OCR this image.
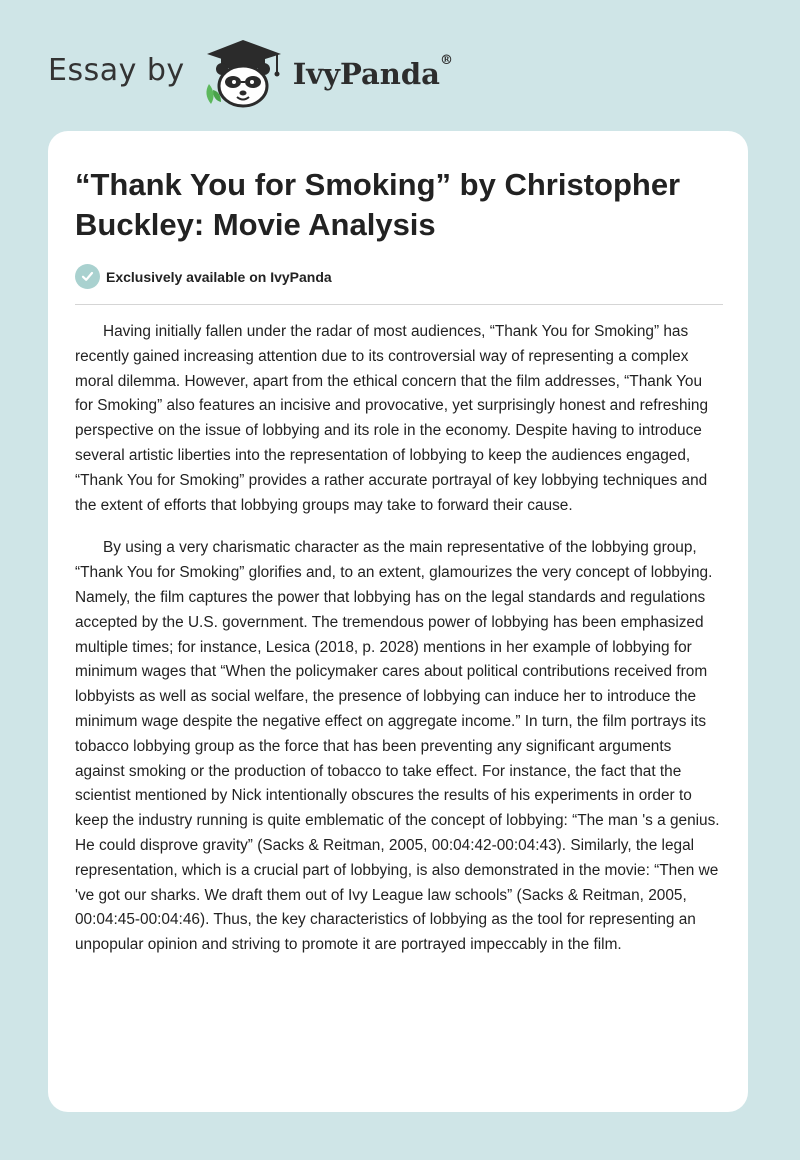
Essay by	IvyPanda®
“Thank You for Smoking” by Christopher Buckley: Movie Analysis
Exclusively available on IvyPanda

Having initially fallen under the radar of most audiences, “Thank You for Smoking” has recently gained increasing attention due to its controversial way of representing a complex moral dilemma. However, apart from the ethical concern that the film addresses, “Thank You for Smoking” also features an incisive and provocative, yet surprisingly honest and refreshing perspective on the issue of lobbying and its role in the economy. Despite having to introduce several artistic liberties into the representation of lobbying to keep the audiences engaged, “Thank You for Smoking” provides a rather accurate portrayal of key lobbying techniques and the extent of efforts that lobbying groups may take to forward their cause.

By using a very charismatic character as the main representative of the lobbying group, “Thank You for Smoking” glorifies and, to an extent, glamourizes the very concept of lobbying. Namely, the film captures the power that lobbying has on the legal standards and regulations accepted by the U.S. government. The tremendous power of lobbying has been emphasized multiple times; for instance, Lesica (2018, p. 2028) mentions in her example of lobbying for minimum wages that “When the policymaker cares about political contributions received from lobbyists as well as social welfare, the presence of lobbying can induce her to introduce the minimum wage despite the negative effect on aggregate income.” In turn, the film portrays its tobacco lobbying group as the force that has been preventing any significant arguments against smoking or the production of tobacco to take effect. For instance, the fact that the scientist mentioned by Nick intentionally obscures the results of his experiments in order to keep the industry running is quite emblematic of the concept of lobbying: “The man 's a genius. He could disprove gravity” (Sacks & Reitman, 2005, 00:04:42-00:04:43). Similarly, the legal representation, which is a crucial part of lobbying, is also demonstrated in the movie: “Then we 've got our sharks. We draft them out of Ivy League law schools” (Sacks & Reitman, 2005, 00:04:45-00:04:46). Thus, the key characteristics of lobbying as the tool for representing an unpopular opinion and striving to promote it are portrayed impeccably in the film.
